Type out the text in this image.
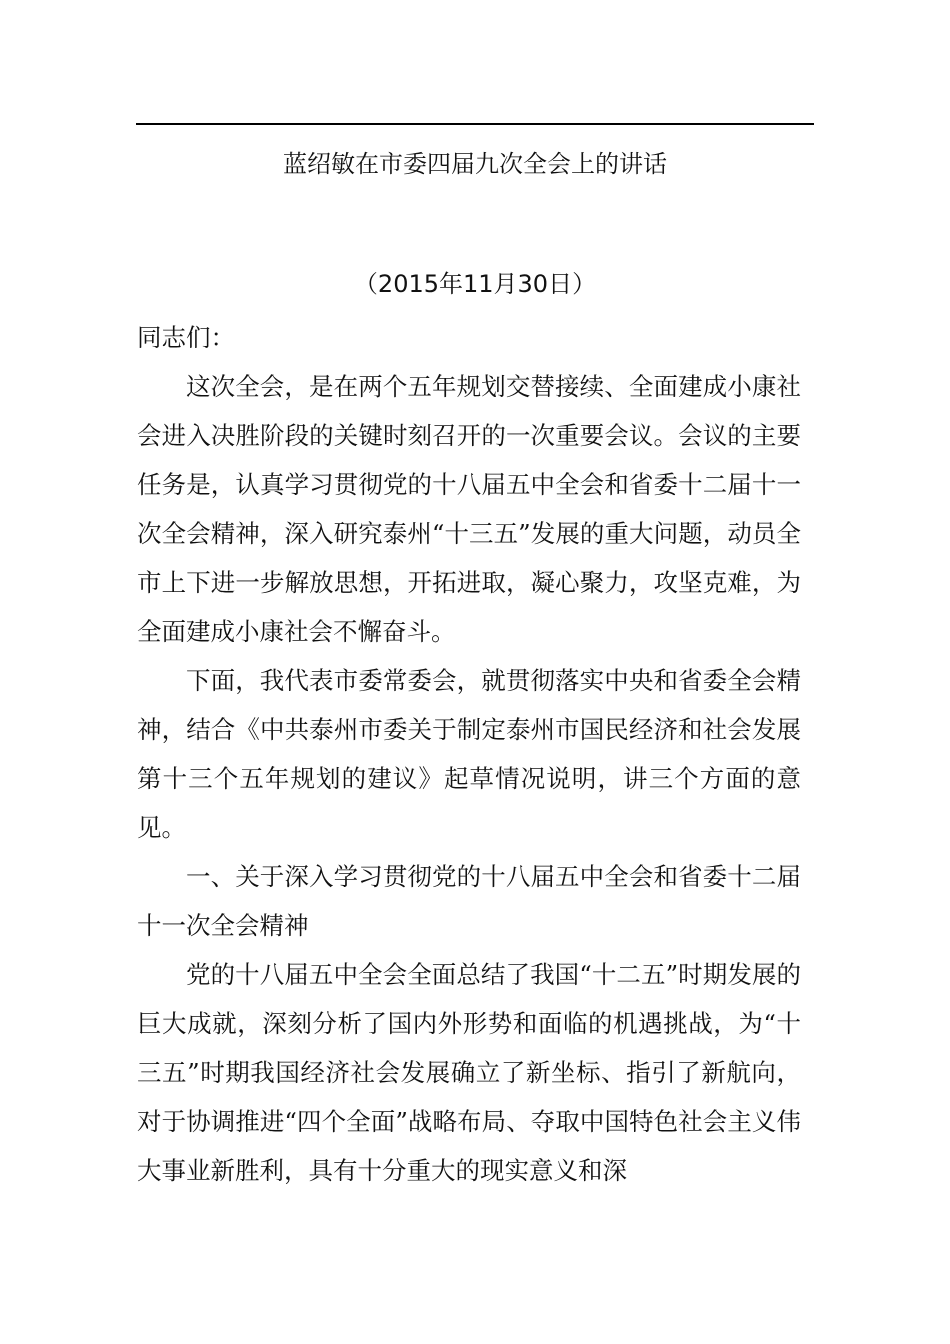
蓝绍敏在市委四届九次全会上的讲话
（2015年11月30日）

同志们：

这次全会，是在两个五年规划交替接续、全面建成小康社会进入决胜阶段的关键时刻召开的一次重要会议。会议的主要任务是，认真学习贯彻党的十八届五中全会和省委十二届十一次全会精神，深入研究泰州“十三五”发展的重大问题，动员全市上下进一步解放思想，开拓进取，凝心聚力，攻坚克难，为全面建成小康社会不懈奋斗。

下面，我代表市委常委会，就贯彻落实中央和省委全会精神，结合《中共泰州市委关于制定泰州市国民经济和社会发展第十三个五年规划的建议》起草情况说明，讲三个方面的意见。

一、关于深入学习贯彻党的十八届五中全会和省委十二届十一次全会精神

党的十八届五中全会全面总结了我国“十二五”时期发展的巨大成就，深刻分析了国内外形势和面临的机遇挑战，为“十三五”时期我国经济社会发展确立了新坐标、指引了新航向，对于协调推进“四个全面”战略布局、夺取中国特色社会主义伟大事业新胜利，具有十分重大的现实意义和深
